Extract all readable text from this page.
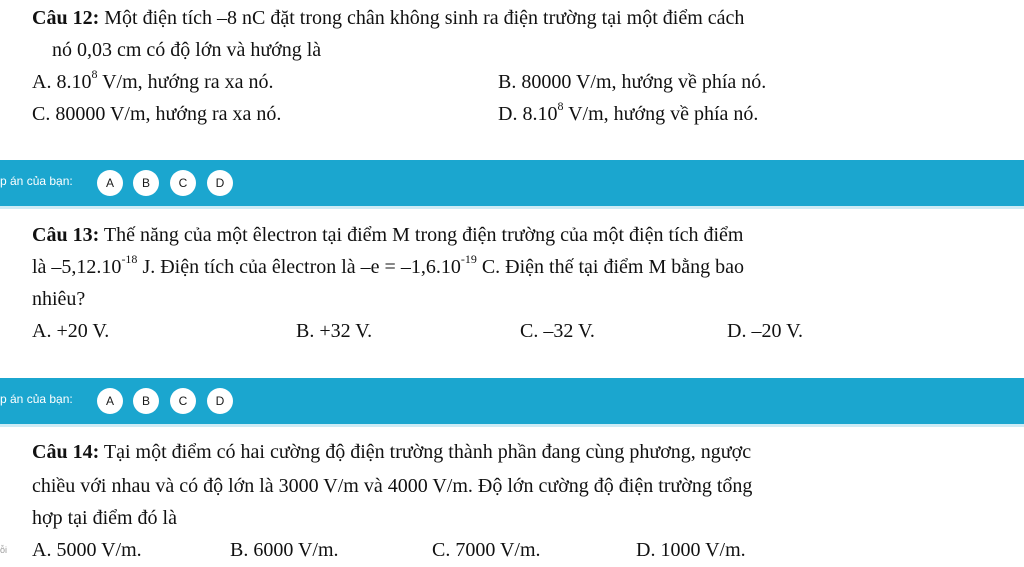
Câu 12: Một điện tích –8 nC đặt trong chân không sinh ra điện trường tại một điểm cách
nó 0,03 cm có độ lớn và hướng là
A. 8.10$^8$ V/m, hướng ra xa nó.	B. 80000 V/m, hướng về phía nó.
C. 80000 V/m, hướng ra xa nó.	D. 8.10$^8$ V/m, hướng về phía nó.
p án của bạn:	A	B	C	D
Câu 13: Thế năng của một êlectron tại điểm M trong điện trường của một điện tích điểm
là $-5,12.10^{-18}$ J. Điện tích của êlectron là $-e = -1,6.10^{-19}$ C. Điện thế tại điểm M bằng bao
nhiêu?
A. +20 V.	B. +32 V.	C. –32 V.	D. –20 V.
p án của bạn:	A	B	C	D
Câu 14: Tại một điểm có hai cường độ điện trường thành phần đang cùng phương, ngược
chiều với nhau và có độ lớn là 3000 V/m và 4000 V/m. Độ lớn cường độ điện trường tổng
hợp tại điểm đó là
A. 5000 V/m.	B. 6000 V/m.	C. 7000 V/m.	D. 1000 V/m.
ỗi
